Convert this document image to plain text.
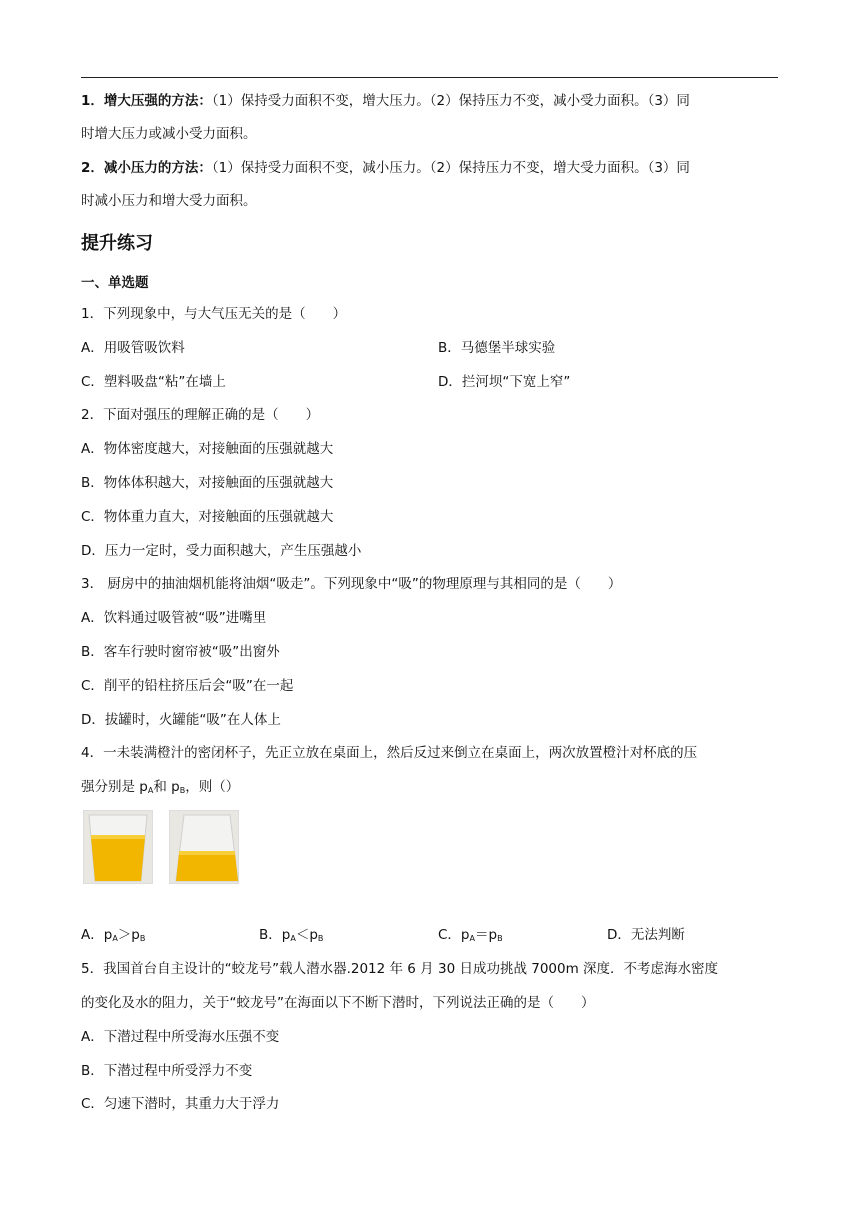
1．增大压强的方法：（1）保持受力面积不变，增大压力。（2）保持压力不变，减小受力面积。（3）同
时增大压力或减小受力面积。
2．减小压力的方法：（1）保持受力面积不变，减小压力。（2）保持压力不变，增大受力面积。（3）同
时减小压力和增大受力面积。
提升练习
一、单选题
1．下列现象中，与大气压无关的是（　　）
A．用吸管吸饮料	B．马德堡半球实验
C．塑料吸盘“粘”在墙上	D．拦河坝“下宽上窄”
2．下面对强压的理解正确的是（　　）
A．物体密度越大，对接触面的压强就越大
B．物体体积越大，对接触面的压强就越大
C．物体重力直大，对接触面的压强就越大
D．压力一定时，受力面积越大，产生压强越小
3． 厨房中的抽油烟机能将油烟“吸走”。下列现象中“吸”的物理原理与其相同的是（　　）
A．饮料通过吸管被“吸”进嘴里
B．客车行驶时窗帘被“吸”出窗外
C．削平的铅柱挤压后会“吸”在一起
D．拔罐时，火罐能“吸”在人体上
4．一未装满橙汁的密闭杯子，先正立放在桌面上，然后反过来倒立在桌面上，两次放置橙汁对杯底的压
强分别是 $p_A$和 $p_B$，则（）
A．$p_A>p_B$	B．$p_A<p_B$	C．$p_A=p_B$	D．无法判断
5．我国首台自主设计的“蛟龙号”载人潜水器.2012 年 6 月 30 日成功挑战 7000m 深度．不考虑海水密度
的变化及水的阻力，关于“蛟龙号”在海面以下不断下潜时，下列说法正确的是（　　）
A．下潜过程中所受海水压强不变
B．下潜过程中所受浮力不变
C．匀速下潜时，其重力大于浮力
